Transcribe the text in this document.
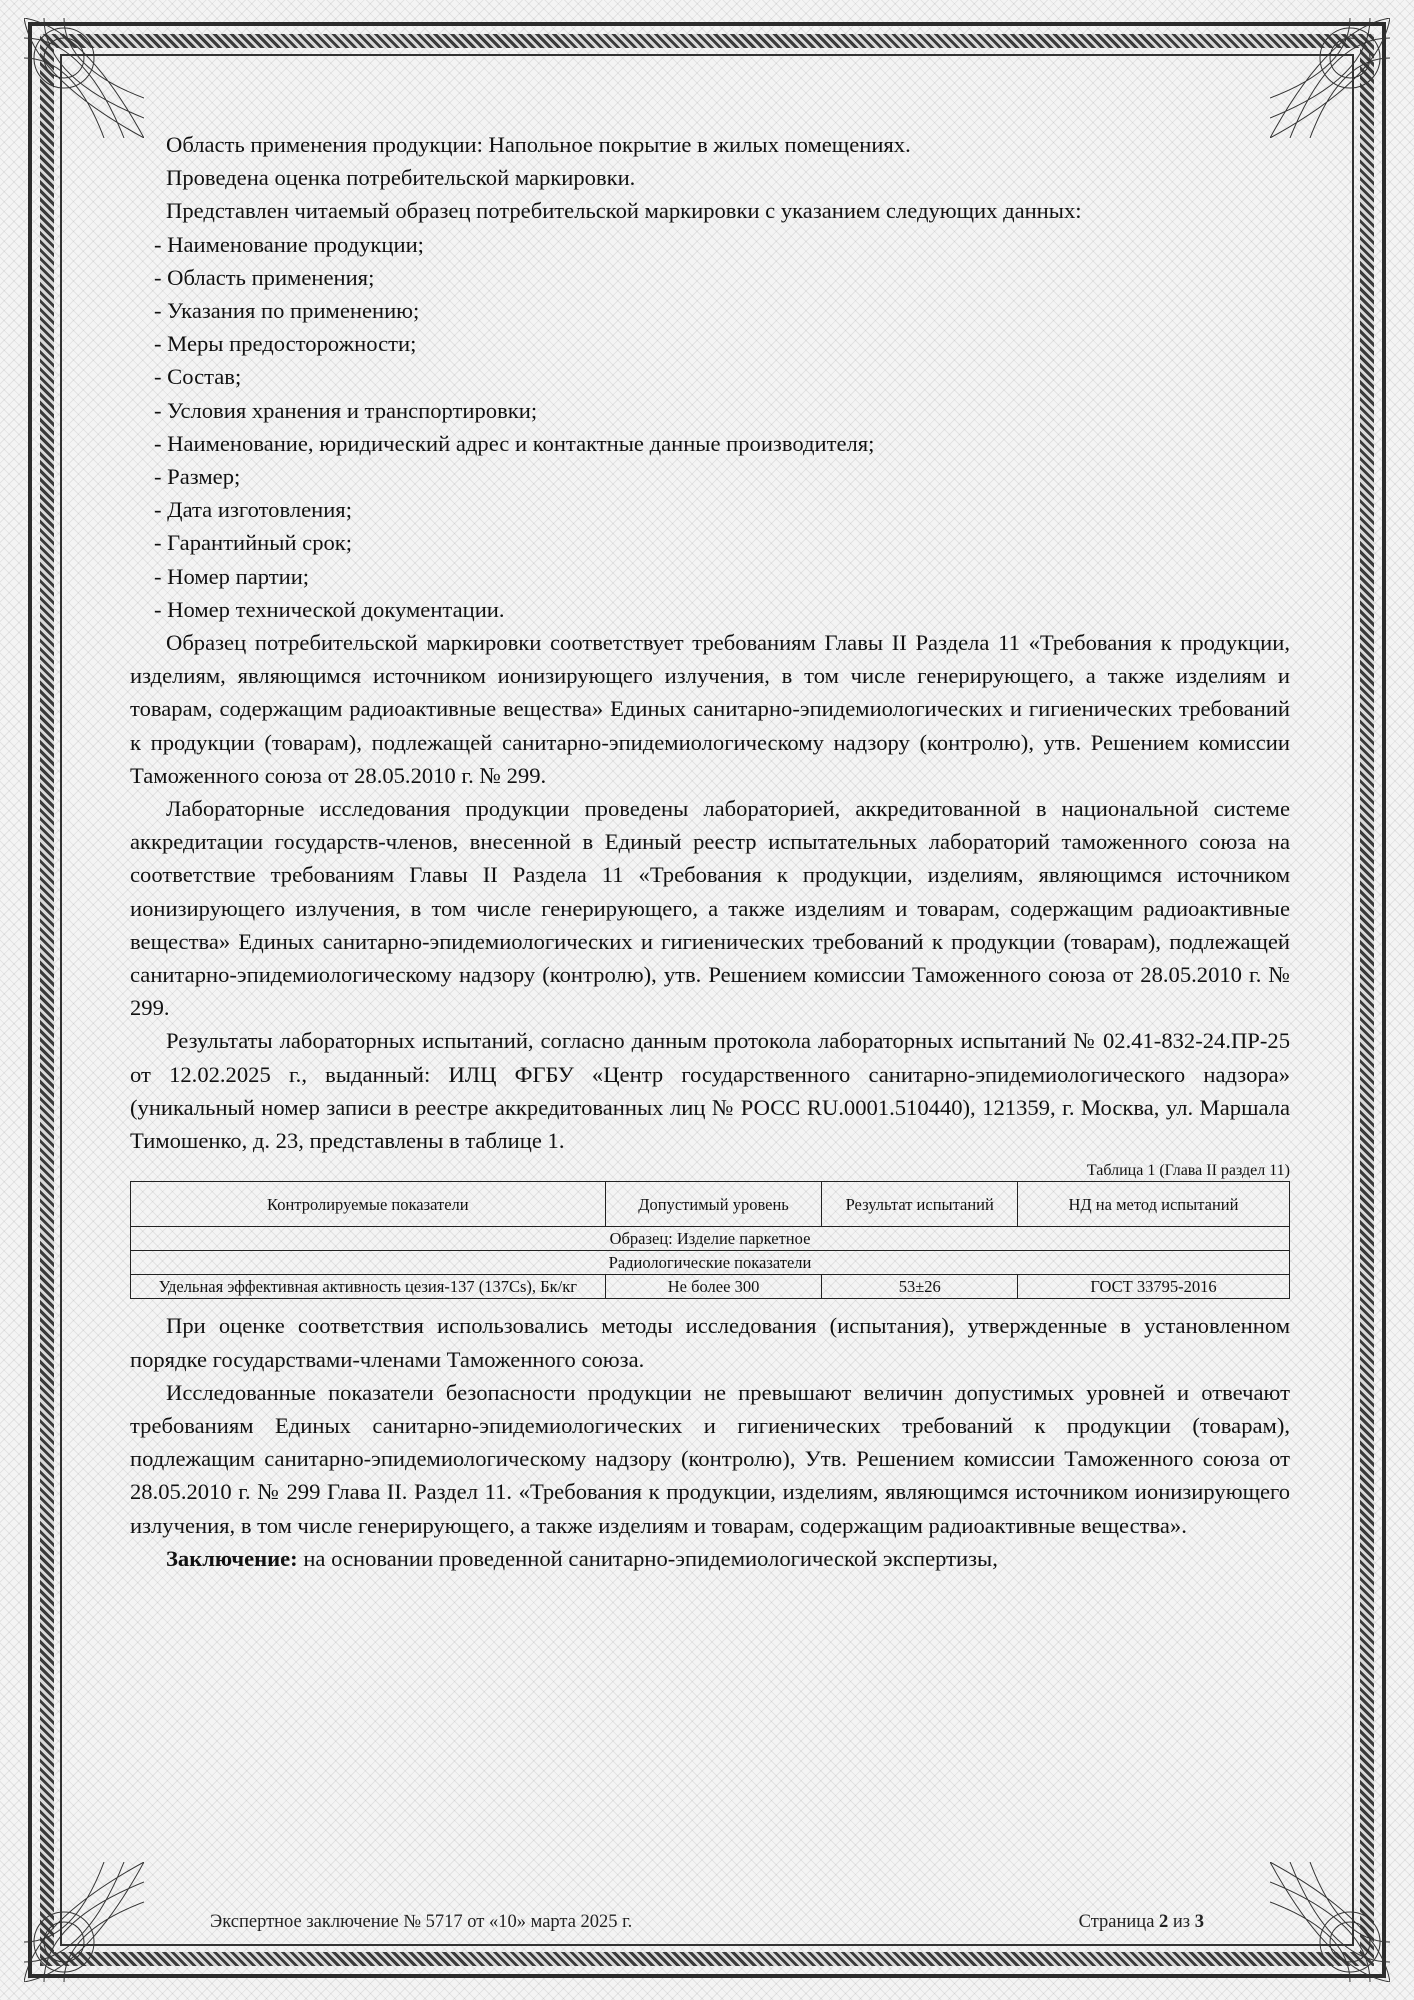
Область применения продукции: Напольное покрытие в жилых помещениях.

Проведена оценка потребительской маркировки.

Представлен читаемый образец потребительской маркировки с указанием следующих данных:

- Наименование продукции;
- Область применения;
- Указания по применению;
- Меры предосторожности;
- Состав;
- Условия хранения и транспортировки;
- Наименование, юридический адрес и контактные данные производителя;
- Размер;
- Дата изготовления;
- Гарантийный срок;
- Номер партии;
- Номер технической документации.

Образец потребительской маркировки соответствует требованиям Главы II Раздела 11 «Требования к продукции, изделиям, являющимся источником ионизирующего излучения, в том числе генерирующего, а также изделиям и товарам, содержащим радиоактивные вещества» Единых санитарно-эпидемиологических и гигиенических требований к продукции (товарам), подлежащей санитарно-эпидемиологическому надзору (контролю), утв. Решением комиссии Таможенного союза от 28.05.2010 г. № 299.

Лабораторные исследования продукции проведены лабораторией, аккредитованной в национальной системе аккредитации государств-членов, внесенной в Единый реестр испытательных лабораторий таможенного союза на соответствие требованиям Главы II Раздела 11 «Требования к продукции, изделиям, являющимся источником ионизирующего излучения, в том числе генерирующего, а также изделиям и товарам, содержащим радиоактивные вещества» Единых санитарно-эпидемиологических и гигиенических требований к продукции (товарам), подлежащей санитарно-эпидемиологическому надзору (контролю), утв. Решением комиссии Таможенного союза от 28.05.2010 г. № 299.

Результаты лабораторных испытаний, согласно данным протокола лабораторных испытаний № 02.41-832-24.ПР-25 от 12.02.2025 г., выданный: ИЛЦ ФГБУ «Центр государственного санитарно-эпидемиологического надзора» (уникальный номер записи в реестре аккредитованных лиц № РОСС RU.0001.510440), 121359, г. Москва, ул. Маршала Тимошенко, д. 23, представлены в таблице 1.

Таблица 1 (Глава II раздел 11)
Контролируемые показатели	Допустимый уровень	Результат испытаний	НД на метод испытаний
Образец: Изделие паркетное			
Радиологические показатели			
Удельная эффективная активность цезия-137 (137Cs), Бк/кг	Не более 300	53±26	ГОСТ 33795-2016

При оценке соответствия использовались методы исследования (испытания), утвержденные в установленном порядке государствами-членами Таможенного союза.

Исследованные показатели безопасности продукции не превышают величин допустимых уровней и отвечают требованиям Единых санитарно-эпидемиологических и гигиенических требований к продукции (товарам), подлежащим санитарно-эпидемиологическому надзору (контролю), Утв. Решением комиссии Таможенного союза от 28.05.2010 г. № 299 Глава II. Раздел 11. «Требования к продукции, изделиям, являющимся источником ионизирующего излучения, в том числе генерирующего, а также изделиям и товарам, содержащим радиоактивные вещества».

Заключение: на основании проведенной санитарно-эпидемиологической экспертизы,

Экспертное заключение № 5717 от «10» марта 2025 г.	Страница 2 из 3
